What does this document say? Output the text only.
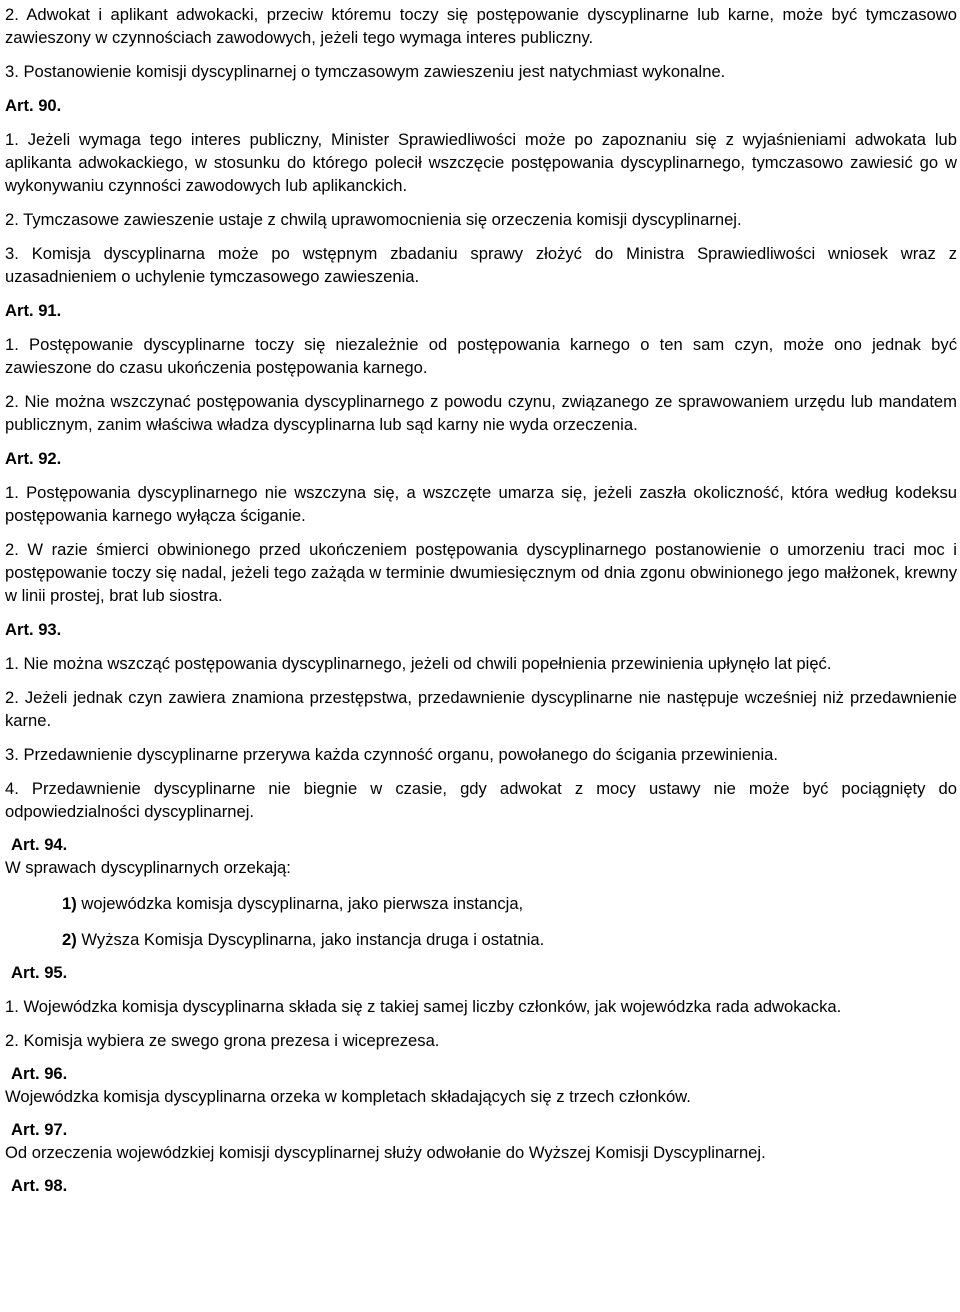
2. Adwokat i aplikant adwokacki, przeciw któremu toczy się postępowanie dyscyplinarne lub karne, może być tymczasowo zawieszony w czynnościach zawodowych, jeżeli tego wymaga interes publiczny.

3. Postanowienie komisji dyscyplinarnej o tymczasowym zawieszeniu jest natychmiast wykonalne.

Art. 90.

1. Jeżeli wymaga tego interes publiczny, Minister Sprawiedliwości może po zapoznaniu się z wyjaśnieniami adwokata lub aplikanta adwokackiego, w stosunku do którego polecił wszczęcie postępowania dyscyplinarnego, tymczasowo zawiesić go w wykonywaniu czynności zawodowych lub aplikanckich.

2. Tymczasowe zawieszenie ustaje z chwilą uprawomocnienia się orzeczenia komisji dyscyplinarnej.

3. Komisja dyscyplinarna może po wstępnym zbadaniu sprawy złożyć do Ministra Sprawiedliwości wniosek wraz z uzasadnieniem o uchylenie tymczasowego zawieszenia.

Art. 91.

1. Postępowanie dyscyplinarne toczy się niezależnie od postępowania karnego o ten sam czyn, może ono jednak być zawieszone do czasu ukończenia postępowania karnego.

2. Nie można wszczynać postępowania dyscyplinarnego z powodu czynu, związanego ze sprawowaniem urzędu lub mandatem publicznym, zanim właściwa władza dyscyplinarna lub sąd karny nie wyda orzeczenia.

Art. 92.

1. Postępowania dyscyplinarnego nie wszczyna się, a wszczęte umarza się, jeżeli zaszła okoliczność, która według kodeksu postępowania karnego wyłącza ściganie.

2. W razie śmierci obwinionego przed ukończeniem postępowania dyscyplinarnego postanowienie o umorzeniu traci moc i postępowanie toczy się nadal, jeżeli tego zażąda w terminie dwumiesięcznym od dnia zgonu obwinionego jego małżonek, krewny w linii prostej, brat lub siostra.

Art. 93.

1. Nie można wszcząć postępowania dyscyplinarnego, jeżeli od chwili popełnienia przewinienia upłynęło lat pięć.

2. Jeżeli jednak czyn zawiera znamiona przestępstwa, przedawnienie dyscyplinarne nie następuje wcześniej niż przedawnienie karne.

3. Przedawnienie dyscyplinarne przerywa każda czynność organu, powołanego do ścigania przewinienia.

4. Przedawnienie dyscyplinarne nie biegnie w czasie, gdy adwokat z mocy ustawy nie może być pociągnięty do odpowiedzialności dyscyplinarnej.

Art. 94.

W sprawach dyscyplinarnych orzekają:

1) wojewódzka komisja dyscyplinarna, jako pierwsza instancja,

2) Wyższa Komisja Dyscyplinarna, jako instancja druga i ostatnia.

Art. 95.

1. Wojewódzka komisja dyscyplinarna składa się z takiej samej liczby członków, jak wojewódzka rada adwokacka.

2. Komisja wybiera ze swego grona prezesa i wiceprezesa.

Art. 96.

Wojewódzka komisja dyscyplinarna orzeka w kompletach składających się z trzech członków.

Art. 97.

Od orzeczenia wojewódzkiej komisji dyscyplinarnej służy odwołanie do Wyższej Komisji Dyscyplinarnej.

Art. 98.
